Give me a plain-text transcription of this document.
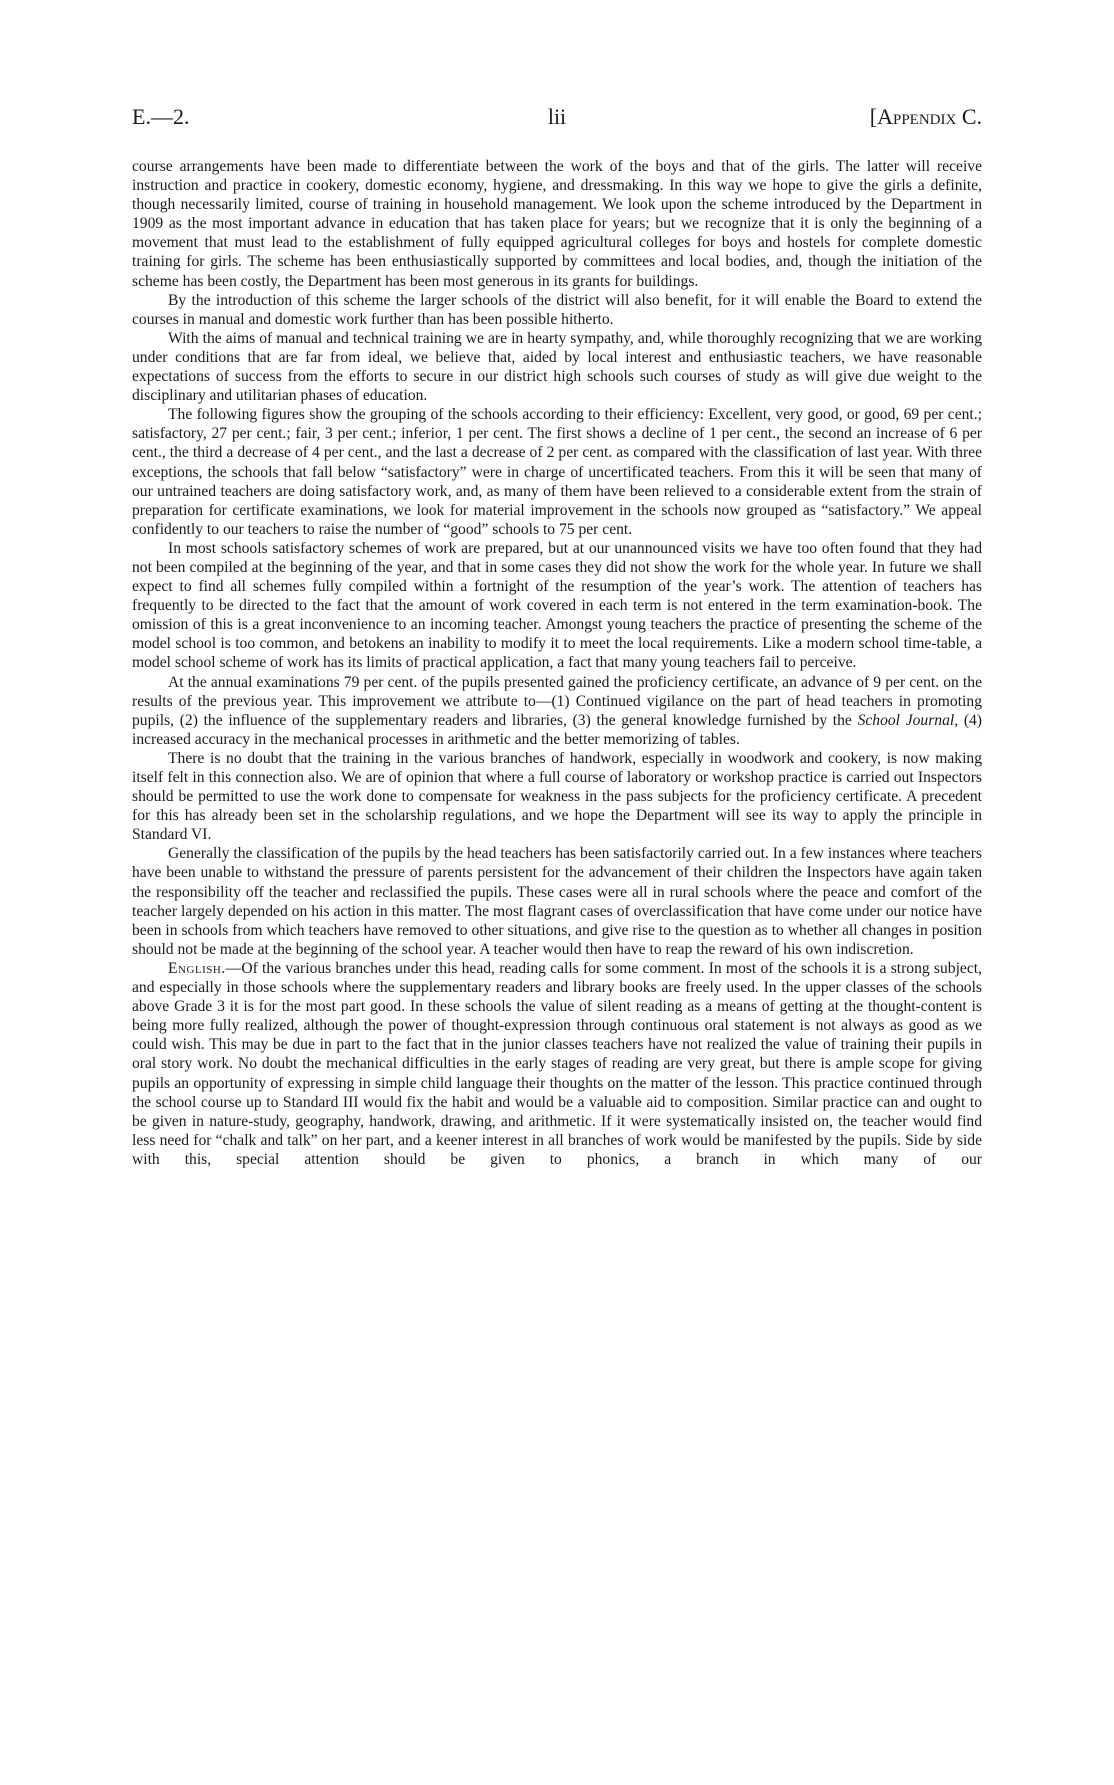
E.—2.	lii	[Appendix C.

course arrangements have been made to differentiate between the work of the boys and that of the girls. The latter will receive instruction and practice in cookery, domestic economy, hygiene, and dressmaking. In this way we hope to give the girls a definite, though necessarily limited, course of training in household management. We look upon the scheme introduced by the Department in 1909 as the most important advance in education that has taken place for years; but we recognize that it is only the beginning of a movement that must lead to the establishment of fully equipped agricultural colleges for boys and hostels for complete domestic training for girls. The scheme has been enthusiastically supported by committees and local bodies, and, though the initiation of the scheme has been costly, the Department has been most generous in its grants for buildings.

By the introduction of this scheme the larger schools of the district will also benefit, for it will enable the Board to extend the courses in manual and domestic work further than has been possible hitherto.

With the aims of manual and technical training we are in hearty sympathy, and, while thoroughly recognizing that we are working under conditions that are far from ideal, we believe that, aided by local interest and enthusiastic teachers, we have reasonable expectations of success from the efforts to secure in our district high schools such courses of study as will give due weight to the disciplinary and utilitarian phases of education.

The following figures show the grouping of the schools according to their efficiency: Excellent, very good, or good, 69 per cent.; satisfactory, 27 per cent.; fair, 3 per cent.; inferior, 1 per cent. The first shows a decline of 1 per cent., the second an increase of 6 per cent., the third a decrease of 4 per cent., and the last a decrease of 2 per cent. as compared with the classification of last year. With three exceptions, the schools that fall below “satisfactory” were in charge of uncertificated teachers. From this it will be seen that many of our untrained teachers are doing satisfactory work, and, as many of them have been relieved to a considerable extent from the strain of preparation for certificate examinations, we look for material improvement in the schools now grouped as “satisfactory.” We appeal confidently to our teachers to raise the number of “good” schools to 75 per cent.

In most schools satisfactory schemes of work are prepared, but at our unannounced visits we have too often found that they had not been compiled at the beginning of the year, and that in some cases they did not show the work for the whole year. In future we shall expect to find all schemes fully compiled within a fortnight of the resumption of the year’s work. The attention of teachers has frequently to be directed to the fact that the amount of work covered in each term is not entered in the term examination-book. The omission of this is a great inconvenience to an incoming teacher. Amongst young teachers the practice of presenting the scheme of the model school is too common, and betokens an inability to modify it to meet the local requirements. Like a modern school time-table, a model school scheme of work has its limits of practical application, a fact that many young teachers fail to perceive.

At the annual examinations 79 per cent. of the pupils presented gained the proficiency certificate, an advance of 9 per cent. on the results of the previous year. This improvement we attribute to—(1) Continued vigilance on the part of head teachers in promoting pupils, (2) the influence of the supplementary readers and libraries, (3) the general knowledge furnished by the School Journal, (4) increased accuracy in the mechanical processes in arithmetic and the better memorizing of tables.

There is no doubt that the training in the various branches of handwork, especially in woodwork and cookery, is now making itself felt in this connection also. We are of opinion that where a full course of laboratory or workshop practice is carried out Inspectors should be permitted to use the work done to compensate for weakness in the pass subjects for the proficiency certificate. A precedent for this has already been set in the scholarship regulations, and we hope the Department will see its way to apply the principle in Standard VI.

Generally the classification of the pupils by the head teachers has been satisfactorily carried out. In a few instances where teachers have been unable to withstand the pressure of parents persistent for the advancement of their children the Inspectors have again taken the responsibility off the teacher and reclassified the pupils. These cases were all in rural schools where the peace and comfort of the teacher largely depended on his action in this matter. The most flagrant cases of overclassification that have come under our notice have been in schools from which teachers have removed to other situations, and give rise to the question as to whether all changes in position should not be made at the beginning of the school year. A teacher would then have to reap the reward of his own indiscretion.

English.—Of the various branches under this head, reading calls for some comment. In most of the schools it is a strong subject, and especially in those schools where the supplementary readers and library books are freely used. In the upper classes of the schools above Grade 3 it is for the most part good. In these schools the value of silent reading as a means of getting at the thought-content is being more fully realized, although the power of thought-expression through continuous oral statement is not always as good as we could wish. This may be due in part to the fact that in the junior classes teachers have not realized the value of training their pupils in oral story work. No doubt the mechanical difficulties in the early stages of reading are very great, but there is ample scope for giving pupils an opportunity of expressing in simple child language their thoughts on the matter of the lesson. This practice continued through the school course up to Standard III would fix the habit and would be a valuable aid to composition. Similar practice can and ought to be given in nature-study, geography, handwork, drawing, and arithmetic. If it were systematically insisted on, the teacher would find less need for “chalk and talk” on her part, and a keener interest in all branches of work would be manifested by the pupils. Side by side with this, special attention should be given to phonics, a branch in which many of our
